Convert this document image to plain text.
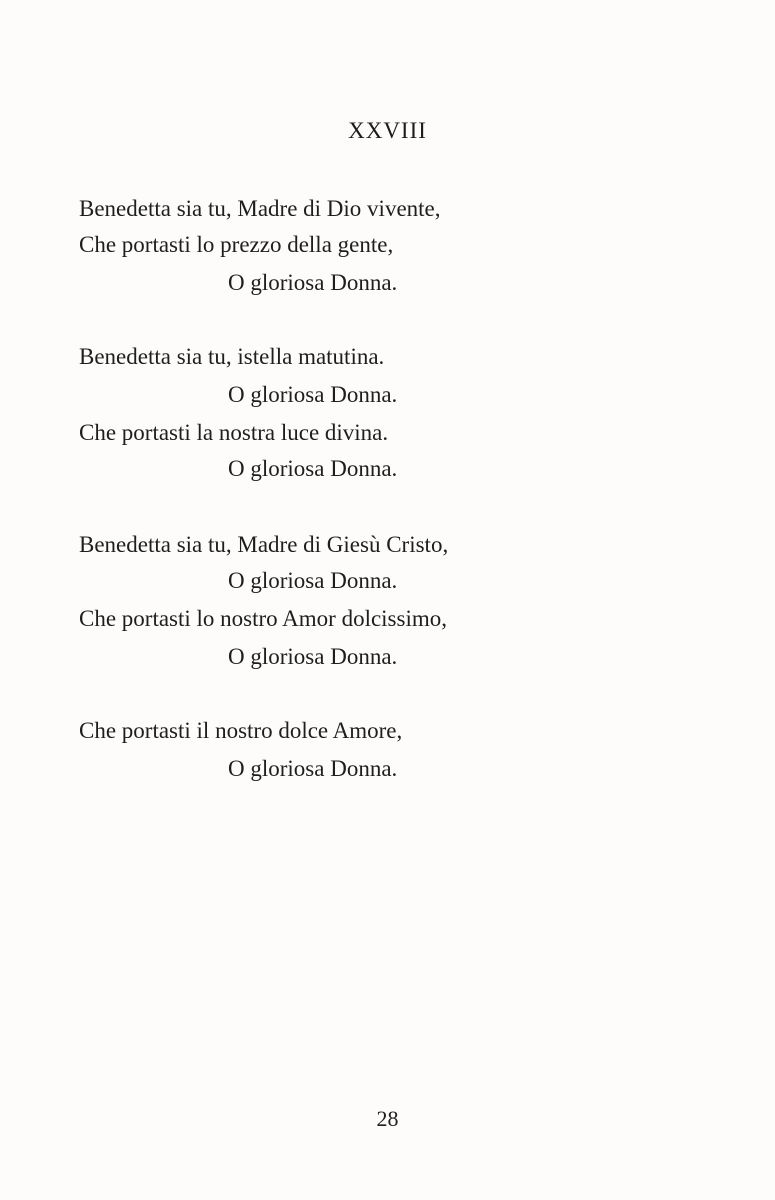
XXVIII
Benedetta sia tu, Madre di Dio vivente,
Che portasti lo prezzo della gente,
O gloriosa Donna.
Benedetta sia tu, istella matutina.
O gloriosa Donna.
Che portasti la nostra luce divina.
O gloriosa Donna.
Benedetta sia tu, Madre di Giesù Cristo,
O gloriosa Donna.
Che portasti lo nostro Amor dolcissimo,
O gloriosa Donna.
Che portasti il nostro dolce Amore,
O gloriosa Donna.
28
